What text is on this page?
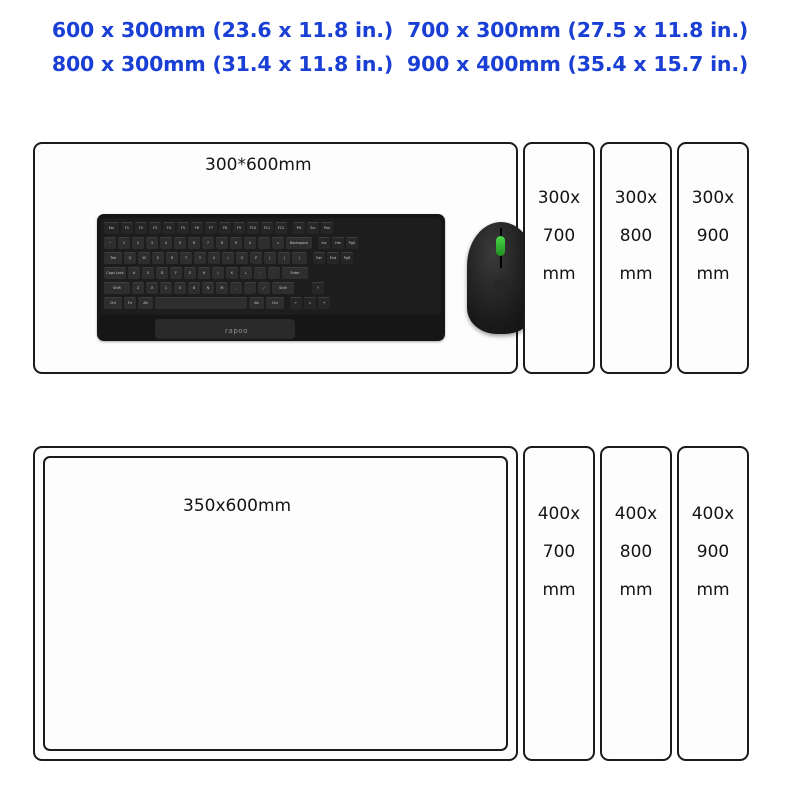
600 x 300mm (23.6 x 11.8 in.) 700 x 300mm (27.5 x 11.8 in.)
800 x 300mm (31.4 x 11.8 in.) 900 x 400mm (35.4 x 15.7 in.)
Esc	F1	F2	F3	F4	F5	F6	F7	F8	F9	F10	F11	F12	Prt	Scr	Pau
~	1	2	3	4	5	6	7	8	9	0	-	=	Backspace	Ins	Hm	PgU
Tab	Q	W	E	R	T	Y	U	I	O	P	[	]	\	Del	End	PgD
Caps Lock	A	S	D	F	G	H	J	K	L	;	'	Enter
Shift	Z	X	C	V	B	N	M	,	.	/	Shift	↑
Ctrl	Fn	Alt	Alt	Ctrl	←	↓	→
rapoo
300*600mm
300x
700
mm
300x
800
mm
300x
900
mm
350x600mm	400x
700
mm
400x
800
mm
400x
900
mm
